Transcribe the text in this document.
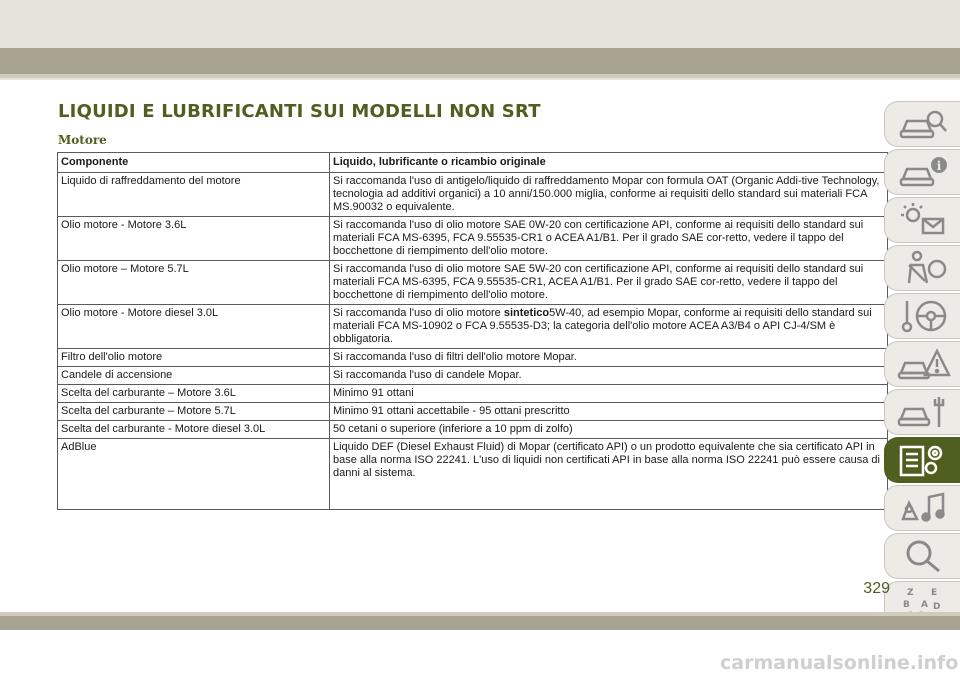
LIQUIDI E LUBRIFICANTI SUI MODELLI NON SRT
Motore
Componente	Liquido, lubrificante o ricambio originale
Liquido di raffreddamento del motore	Si raccomanda l'uso di antigelo/liquido di raffreddamento Mopar con formula OAT (Organic Addi-tive Technology, tecnologia ad additivi organici) a 10 anni/150.000 miglia, conforme ai requisiti dello standard sui materiali FCA MS.90032 o equivalente.
Olio motore - Motore 3.6L	Si raccomanda l'uso di olio motore SAE 0W-20 con certificazione API, conforme ai requisiti dello standard sui materiali FCA MS-6395, FCA 9.55535-CR1 o ACEA A1/B1. Per il grado SAE cor-retto, vedere il tappo del bocchettone di riempimento dell'olio motore.
Olio motore – Motore 5.7L	Si raccomanda l'uso di olio motore SAE 5W-20 con certificazione API, conforme ai requisiti dello standard sui materiali FCA MS-6395, FCA 9.55535-CR1, ACEA A1/B1. Per il grado SAE cor-retto, vedere il tappo del bocchettone di riempimento dell'olio motore.
Olio motore - Motore diesel 3.0L	Si raccomanda l'uso di olio motore sintetico5W-40, ad esempio Mopar, conforme ai requisiti dello standard sui materiali FCA MS-10902 o FCA 9.55535-D3; la categoria dell'olio motore ACEA A3/B4 o API CJ-4/SM è obbligatoria.
Filtro dell'olio motore	Si raccomanda l'uso di filtri dell'olio motore Mopar.
Candele di accensione	Si raccomanda l'uso di candele Mopar.
Scelta del carburante – Motore 3.6L	Minimo 91 ottani
Scelta del carburante – Motore 5.7L	Minimo 91 ottani accettabile - 95 ottani prescritto
Scelta del carburante - Motore diesel 3.0L	50 cetani o superiore (inferiore a 10 ppm di zolfo)
AdBlue	Liquido DEF (Diesel Exhaust Fluid) di Mopar (certificato API) o un prodotto equivalente che sia certificato API in base alla norma ISO 22241. L'uso di liquidi non certificati API in base alla norma ISO 22241 può essere causa di danni al sistema.
i
Z E
B A D
329
carmanualsonline.info
